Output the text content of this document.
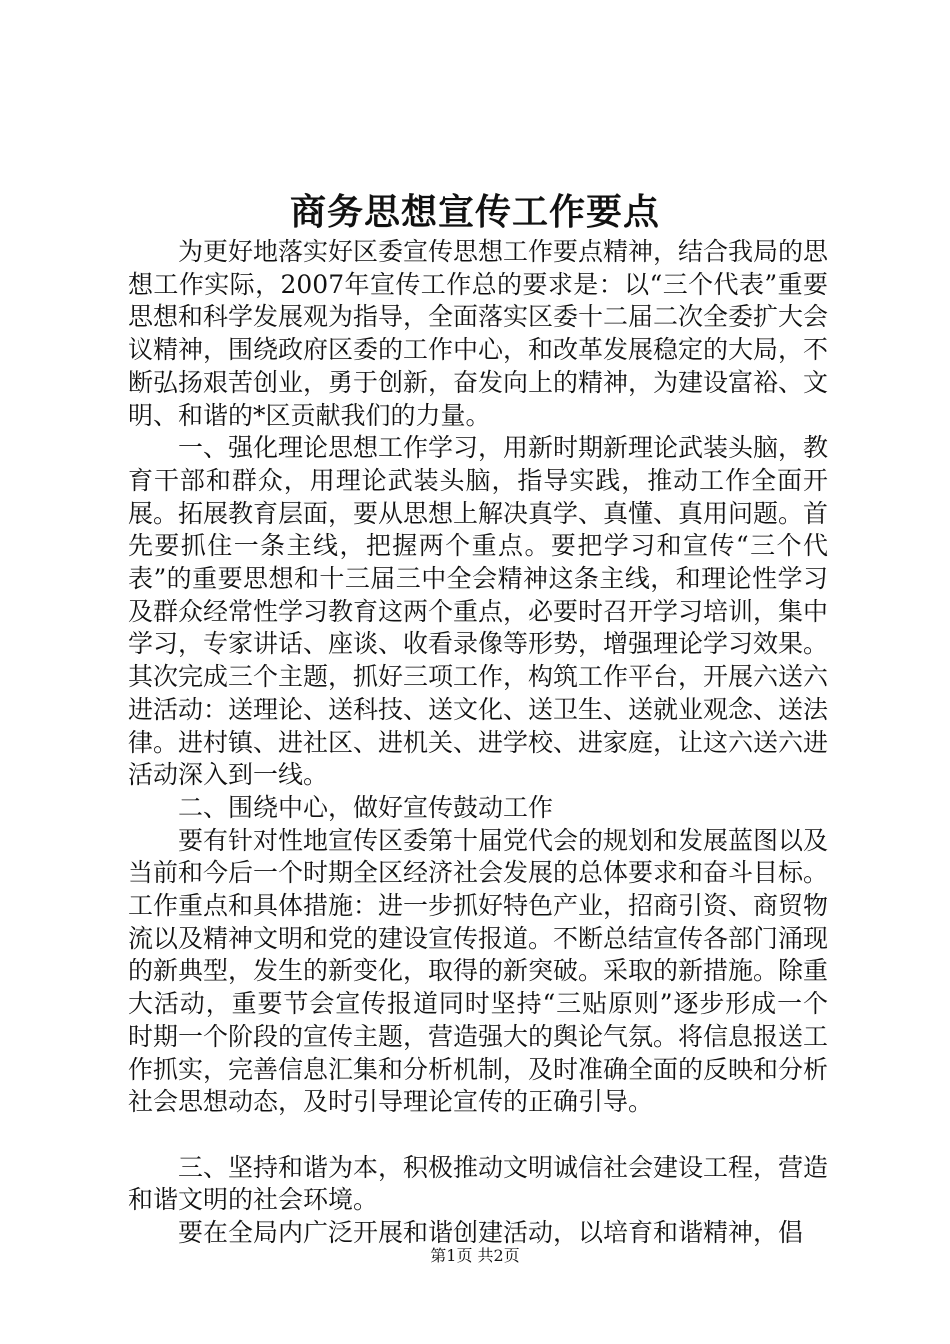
商务思想宣传工作要点

为更好地落实好区委宣传思想工作要点精神，结合我局的思想工作实际，2007年宣传工作总的要求是：以“三个代表”重要思想和科学发展观为指导，全面落实区委十二届二次全委扩大会议精神，围绕政府区委的工作中心，和改革发展稳定的大局，不断弘扬艰苦创业，勇于创新，奋发向上的精神，为建设富裕、文明、和谐的*区贡献我们的力量。

一、强化理论思想工作学习，用新时期新理论武装头脑，教育干部和群众，用理论武装头脑，指导实践，推动工作全面开展。拓展教育层面，要从思想上解决真学、真懂、真用问题。首先要抓住一条主线，把握两个重点。要把学习和宣传“三个代表”的重要思想和十三届三中全会精神这条主线，和理论性学习及群众经常性学习教育这两个重点，必要时召开学习培训，集中学习，专家讲话、座谈、收看录像等形势，增强理论学习效果。其次完成三个主题，抓好三项工作，构筑工作平台，开展六送六进活动：送理论、送科技、送文化、送卫生、送就业观念、送法律。进村镇、进社区、进机关、进学校、进家庭，让这六送六进活动深入到一线。

二、围绕中心，做好宣传鼓动工作

要有针对性地宣传区委第十届党代会的规划和发展蓝图以及当前和今后一个时期全区经济社会发展的总体要求和奋斗目标。工作重点和具体措施：进一步抓好特色产业，招商引资、商贸物流以及精神文明和党的建设宣传报道。不断总结宣传各部门涌现的新典型，发生的新变化，取得的新突破。采取的新措施。除重大活动，重要节会宣传报道同时坚持“三贴原则”逐步形成一个时期一个阶段的宣传主题，营造强大的舆论气氛。将信息报送工作抓实，完善信息汇集和分析机制，及时准确全面的反映和分析社会思想动态，及时引导理论宣传的正确引导。

三、坚持和谐为本，积极推动文明诚信社会建设工程，营造和谐文明的社会环境。

要在全局内广泛开展和谐创建活动，以培育和谐精神，倡

第1页 共2页
